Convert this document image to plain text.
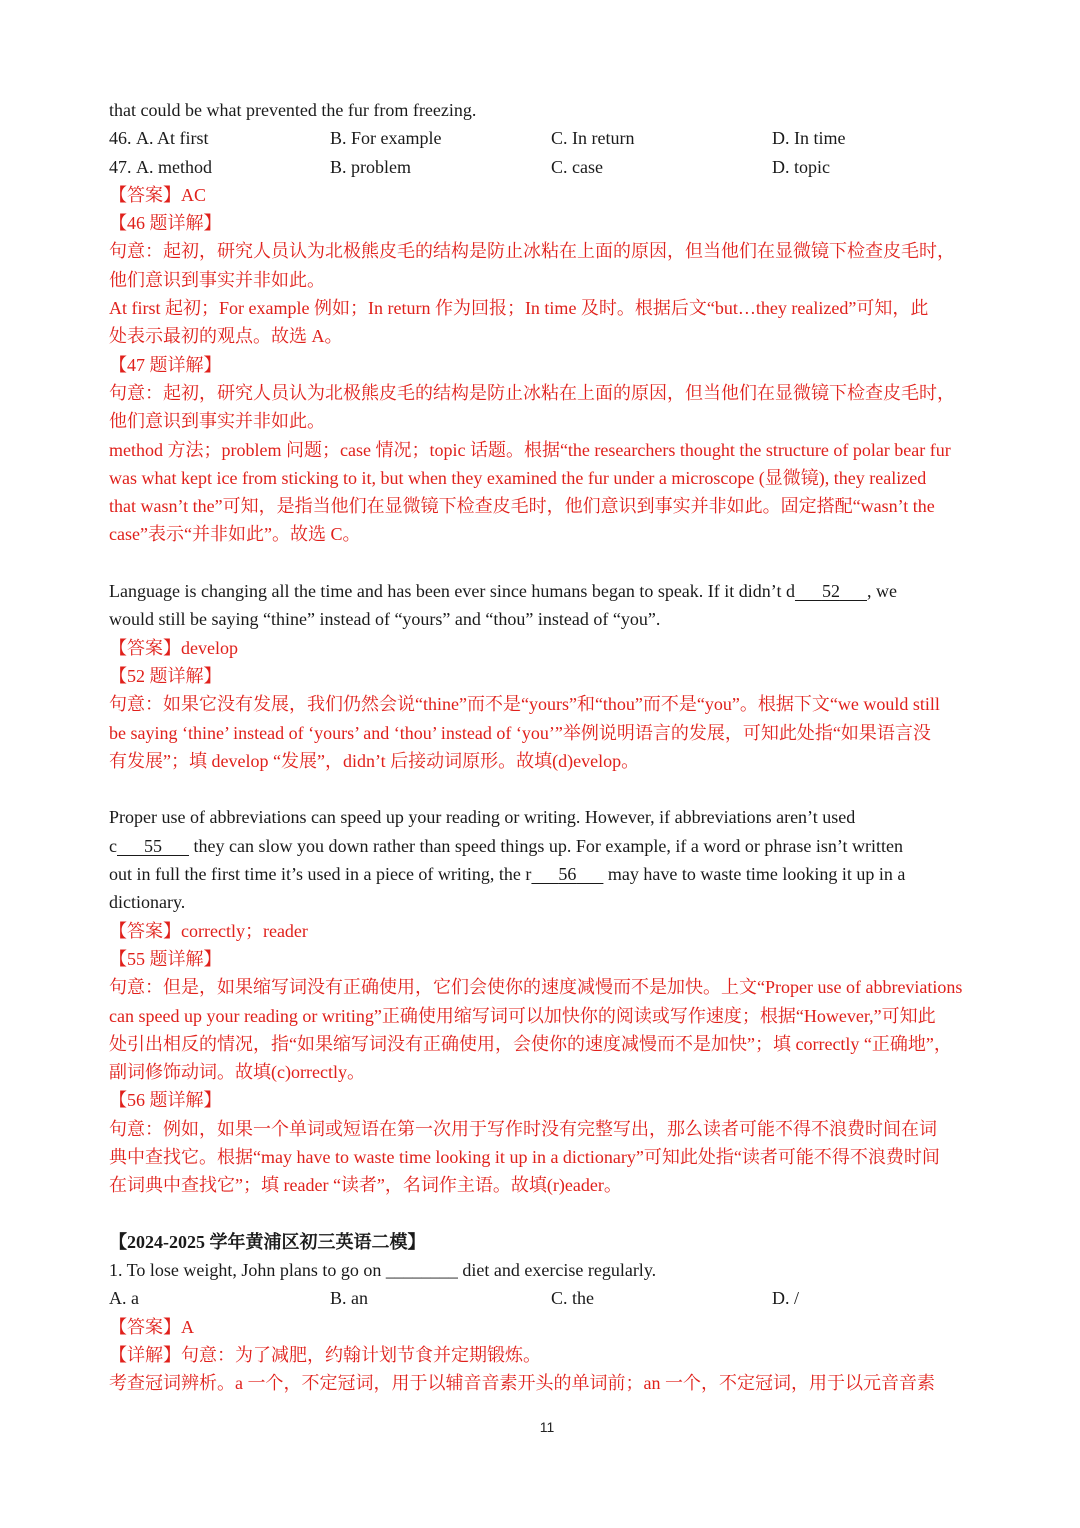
that could be what prevented the fur from freezing.
46. A. At first	B. For example	C. In return	D. In time
47. A. method	B. problem	C. case	D. topic
【答案】AC
【46 题详解】
句意：起初，研究人员认为北极熊皮毛的结构是防止冰粘在上面的原因，但当他们在显微镜下检查皮毛时，
他们意识到事实并非如此。
At first 起初；For example 例如；In return 作为回报；In time 及时。根据后文“but…they realized”可知，此
处表示最初的观点。故选 A。
【47 题详解】
句意：起初，研究人员认为北极熊皮毛的结构是防止冰粘在上面的原因，但当他们在显微镜下检查皮毛时，
他们意识到事实并非如此。
method 方法；problem 问题；case 情况；topic 话题。根据“the researchers thought the structure of polar bear fur
was what kept ice from sticking to it, but when they examined the fur under a microscope (显微镜), they realized
that wasn’t the”可知，是指当他们在显微镜下检查皮毛时，他们意识到事实并非如此。固定搭配“wasn’t the
case”表示“并非如此”。故选 C。
Language is changing all the time and has been ever since humans began to speak. If it didn’t d 52 , we
would still be saying “thine” instead of “yours” and “thou” instead of “you”.
【答案】develop
【52 题详解】
句意：如果它没有发展，我们仍然会说“thine”而不是“yours”和“thou”而不是“you”。根据下文“we would still
be saying ‘thine’ instead of ‘yours’ and ‘thou’ instead of ‘you’”举例说明语言的发展，可知此处指“如果语言没
有发展”；填 develop “发展”，didn’t 后接动词原形。故填(d)evelop。
Proper use of abbreviations can speed up your reading or writing. However, if abbreviations aren’t used
c 55       they can slow you down rather than speed things up. For example, if a word or phrase isn’t written
out in full the first time it’s used in a piece of writing, the r 56       may have to waste time looking it up in a
dictionary.
【答案】correctly；reader
【55 题详解】
句意：但是，如果缩写词没有正确使用，它们会使你的速度减慢而不是加快。上文“Proper use of abbreviations
can speed up your reading or writing”正确使用缩写词可以加快你的阅读或写作速度；根据“However,”可知此
处引出相反的情况，指“如果缩写词没有正确使用，会使你的速度减慢而不是加快”；填 correctly “正确地”，
副词修饰动词。故填(c)orrectly。
【56 题详解】
句意：例如，如果一个单词或短语在第一次用于写作时没有完整写出，那么读者可能不得不浪费时间在词
典中查找它。根据“may have to waste time looking it up in a dictionary”可知此处指“读者可能不得不浪费时间
在词典中查找它”；填 reader “读者”，名词作主语。故填(r)eader。
【2024-2025 学年黄浦区初三英语二模】
1. To lose weight, John plans to go on ________ diet and exercise regularly.
A. a	B. an	C. the	D. /
【答案】A
【详解】句意：为了减肥，约翰计划节食并定期锻炼。
考查冠词辨析。a 一个，不定冠词，用于以辅音音素开头的单词前；an 一个，不定冠词，用于以元音音素
11
